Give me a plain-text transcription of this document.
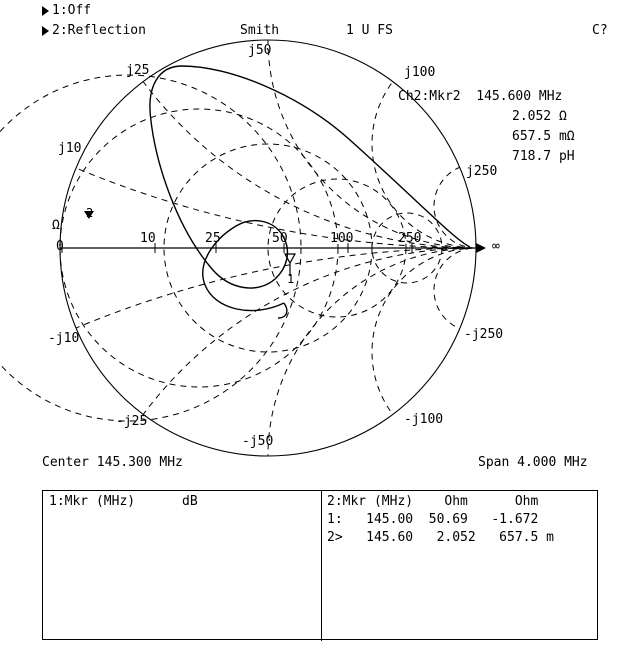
1:Off
2:Reflection	Smith	1 U FS	C?
2
1
j50
j25
j10
j100
j250
-j250
-j100
-j25
-j50
-j10
Ω
0
10	25	50	100	250
∞
Ch2:Mkr2  145.600 MHz
2.052 Ω
657.5 mΩ
718.7 pH
Center 145.300 MHz	Span 4.000 MHz
1:Mkr (MHz)      dB	2:Mkr (MHz)    Ohm      Ohm
1:   145.00  50.69   -1.672
2>   145.60   2.052   657.5 m
